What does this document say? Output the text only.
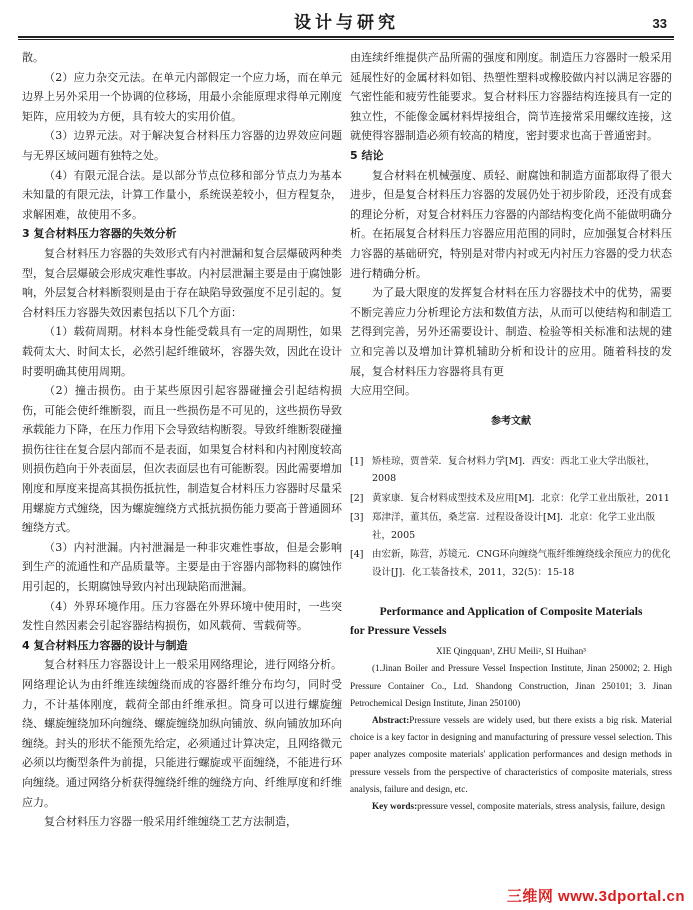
设计与研究	33

散。

（2）应力杂交元法。在单元内部假定一个应力场，而在单元边界上另外采用一个协调的位移场，用最小余能原理求得单元刚度矩阵，应用较为方便，具有较大的实用价值。

（3）边界元法。对于解决复合材料压力容器的边界效应问题与无界区域问题有独特之处。

（4）有限元混合法。是以部分节点位移和部分节点力为基本未知量的有限元法，计算工作量小，系统误差较小，但方程复杂，求解困难，故使用不多。

3 复合材料压力容器的失效分析

复合材料压力容器的失效形式有内衬泄漏和复合层爆破两种类型，复合层爆破会形成灾难性事故。内衬层泄漏主要是由于腐蚀影响，外层复合材料断裂则是由于存在缺陷导致强度不足引起的。复合材料压力容器失效因素包括以下几个方面：

（1）载荷周期。材料本身性能受载具有一定的周期性，如果载荷太大、时间太长，必然引起纤维破坏，容器失效，因此在设计时要明确其使用周期。

（2）撞击损伤。由于某些原因引起容器碰撞会引起结构损伤，可能会使纤维断裂，而且一些损伤是不可见的，这些损伤导致承载能力下降，在压力作用下会导致结构断裂。导致纤维断裂碰撞损伤往往在复合层内部而不是表面，如果复合材料和内衬刚度较高则损伤趋向于外表面层，但次表面层也有可能断裂。因此需要增加刚度和厚度来提高其损伤抵抗性，制造复合材料压力容器时尽量采用螺旋方式缠绕，因为螺旋缠绕方式抵抗损伤能力要高于普通圆环缠绕方式。

（3）内衬泄漏。内衬泄漏是一种非灾难性事故，但是会影响到生产的流通性和产品质量等。主要是由于容器内部物料的腐蚀作用引起的，长期腐蚀导致内衬出现缺陷而泄漏。

（4）外界环境作用。压力容器在外界环境中使用时，一些突发性自然因素会引起容器结构损伤，如风载荷、雪载荷等。

4 复合材料压力容器的设计与制造

复合材料压力容器设计上一般采用网络理论，进行网络分析。网络理论认为由纤维连续缠绕而成的容器纤维分布均匀，同时受力，不计基体刚度，载荷全部由纤维承担。筒身可以进行螺旋缠绕、螺旋缠绕加环向缠绕、螺旋缠绕加纵向铺放、纵向铺放加环向缠绕。封头的形状不能预先给定，必须通过计算决定，且网络微元必须以均衡型条件为前提，只能进行螺旋或平面缠绕，不能进行环向缠绕。通过网络分析获得缠绕纤维的缠绕方向、纤维厚度和纤维应力。

复合材料压力容器一般采用纤维缠绕工艺方法制造，

由连续纤维提供产品所需的强度和刚度。制造压力容器时一般采用延展性好的金属材料如铝、热塑性塑料或橡胶做内衬以满足容器的气密性能和疲劳性能要求。复合材料压力容器结构连接具有一定的独立性，不能像金属材料焊接组合，筒节连接常采用螺纹连接，这就使得容器制造必须有较高的精度，密封要求也高于普通密封。

5 结论

复合材料在机械强度、质轻、耐腐蚀和制造方面都取得了很大进步，但是复合材料压力容器的发展仍处于初步阶段，还没有成套的理论分析，对复合材料压力容器的内部结构变化尚不能做明确分析。在拓展复合材料压力容器应用范围的同时，应加强复合材料压力容器的基础研究，特别是对带内衬或无内衬压力容器的受力状态进行精确分析。

为了最大限度的发挥复合材料在压力容器技术中的优势，需要不断完善应力分析理论方法和数值方法，从而可以使结构和制造工艺得到完善，另外还需要设计、制造、检验等相关标准和法规的建立和完善以及增加计算机辅助分析和设计的应用。随着科技的发展，复合材料压力容器将具有更

大应用空间。

参考文献
[1] 矫桂琼，贾普荣．复合材料力学[M]．西安：西北工业大学出版社，2008
[2] 黄家康．复合材料成型技术及应用[M]．北京：化学工业出版社，2011
[3] 郑津洋，董其伍，桑芝富．过程设备设计[M]．北京：化学工业出版社，2005
[4] 由宏新，陈营，苏镜元．CNG环向缠绕气瓶纤维缠绕线余预应力的优化设计[J]．化工装备技术，2011，32(5)：15-18
Performance and Application of Composite Materials
for Pressure Vessels

XIE Qingquan¹, ZHU Meili², SI Huihan³

(1.Jinan Boiler and Pressure Vessel Inspection Institute, Jinan 250002; 2. High Pressure Container Co., Ltd. Shandong Construction, Jinan 250101; 3. Jinan Petrochemical Design Institute, Jinan 250100)

Abstract:Pressure vessels are widely used, but there exists a big risk. Material choice is a key factor in designing and manufacturing of pressure vessel selection. This paper analyzes composite materials' application performances and design methods in pressure vessels from the perspective of characteristics of composite materials, stress analysis, failure and design, etc.

Key words:pressure vessel, composite materials, stress analysis, failure, design

三维网 www.3dportal.cn
